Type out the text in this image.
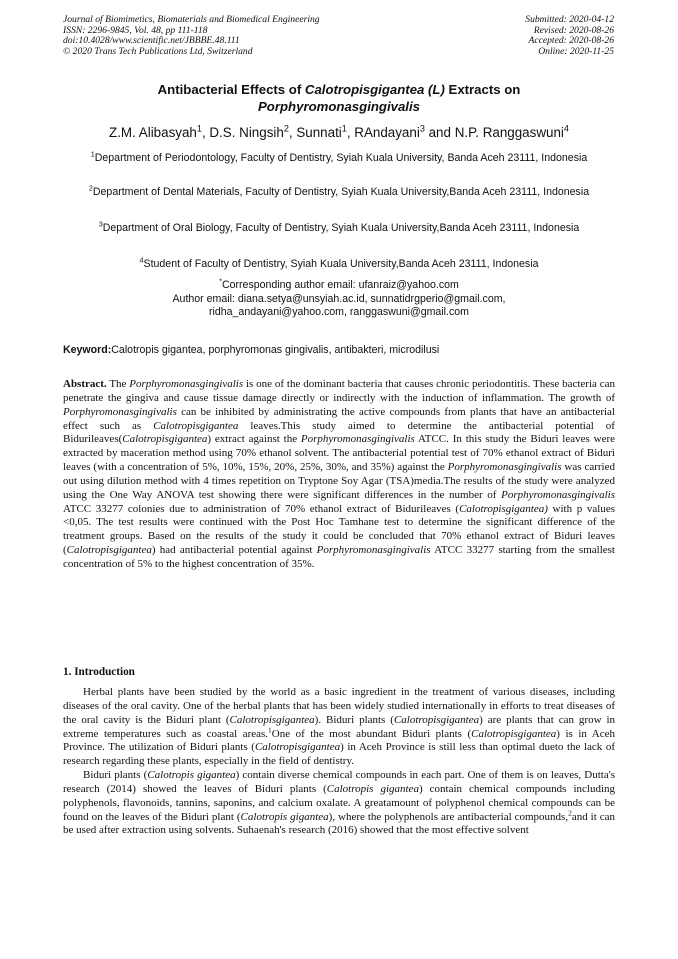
Journal of Biomimetics, Biomaterials and Biomedical Engineering
ISSN: 2296-9845, Vol. 48, pp 111-118
doi:10.4028/www.scientific.net/JBBBE.48.111
© 2020 Trans Tech Publications Ltd, Switzerland
Submitted: 2020-04-12
Revised: 2020-08-26
Accepted: 2020-08-26
Online: 2020-11-25
Antibacterial Effects of Calotropisgigantea (L) Extracts on
Porphyromonasgingivalis
Z.M. Alibasyah$^1$, D.S. Ningsih$^2$, Sunnati$^1$, RAndayani$^3$ and N.P. Ranggaswuni$^4$
$^1$Department of Periodontology, Faculty of Dentistry, Syiah Kuala University, Banda Aceh 23111, Indonesia
$^2$Department of Dental Materials, Faculty of Dentistry, Syiah Kuala University,Banda Aceh 23111, Indonesia
$^3$Department of Oral Biology, Faculty of Dentistry, Syiah Kuala University,Banda Aceh 23111, Indonesia
$^4$Student of Faculty of Dentistry, Syiah Kuala University,Banda Aceh 23111, Indonesia
*Corresponding author email: ufanraiz@yahoo.com
Author email: diana.setya@unsyiah.ac.id, sunnatidrgperio@gmail.com,
ridha_andayani@yahoo.com, ranggaswuni@gmail.com
Keyword:Calotropis gigantea, porphyromonas gingivalis, antibakteri, microdilusi

Abstract. The Porphyromonasgingivalis is one of the dominant bacteria that causes chronic periodontitis. These bacteria can penetrate the gingiva and cause tissue damage directly or indirectly with the induction of inflammation. The growth of Porphyromonasgingivalis can be inhibited by administrating the active compounds from plants that have an antibacterial effect such as Calotropisgigantea leaves.This study aimed to determine the antibacterial potential of Bidurileaves(Calotropisgigantea) extract against the Porphyromonasgingivalis ATCC. In this study the Biduri leaves were extracted by maceration method using 70% ethanol solvent. The antibacterial potential test of 70% ethanol extract of Biduri leaves (with a concentration of 5%, 10%, 15%, 20%, 25%, 30%, and 35%) against the Porphyromonasgingivalis was carried out using dilution method with 4 times repetition on Tryptone Soy Agar (TSA)media.The results of the study were analyzed using the One Way ANOVA test showing there were significant differences in the number of Porphyromonasgingivalis ATCC 33277 colonies due to administration of 70% ethanol extract of Bidurileaves (Calotropisgigantea) with p values <0,05. The test results were continued with the Post Hoc Tamhane test to determine the significant difference of the treatment groups. Based on the results of the study it could be concluded that 70% ethanol extract of Biduri leaves (Calotropisgigantea) had antibacterial potential against Porphyromonasgingivalis ATCC 33277 starting from the smallest concentration of 5% to the highest concentration of 35%.

1. Introduction

Herbal plants have been studied by the world as a basic ingredient in the treatment of various diseases, including diseases of the oral cavity. One of the herbal plants that has been widely studied internationally in efforts to treat diseases of the oral cavity is the Biduri plant (Calotropisgigantea). Biduri plants (Calotropisgigantea) are plants that can grow in extreme temperatures such as coastal areas.$^1$One of the most abundant Biduri plants (Calotropisgigantea) is in Aceh Province. The utilization of Biduri plants (Calotropisgigantea) in Aceh Province is still less than optimal dueto the lack of research regarding these plants, especially in the field of dentistry.

Biduri plants (Calotropis gigantea) contain diverse chemical compounds in each part. One of them is on leaves, Dutta's research (2014) showed the leaves of Biduri plants (Calotropis gigantea) contain chemical compounds including polyphenols, flavonoids, tannins, saponins, and calcium oxalate. A greatamount of polyphenol chemical compounds can be found on the leaves of the Biduri plant (Calotropis gigantea), where the polyphenols are antibacterial compounds,$^2$and it can be used after extraction using solvents. Suhaenah's research (2016) showed that the most effective solvent
